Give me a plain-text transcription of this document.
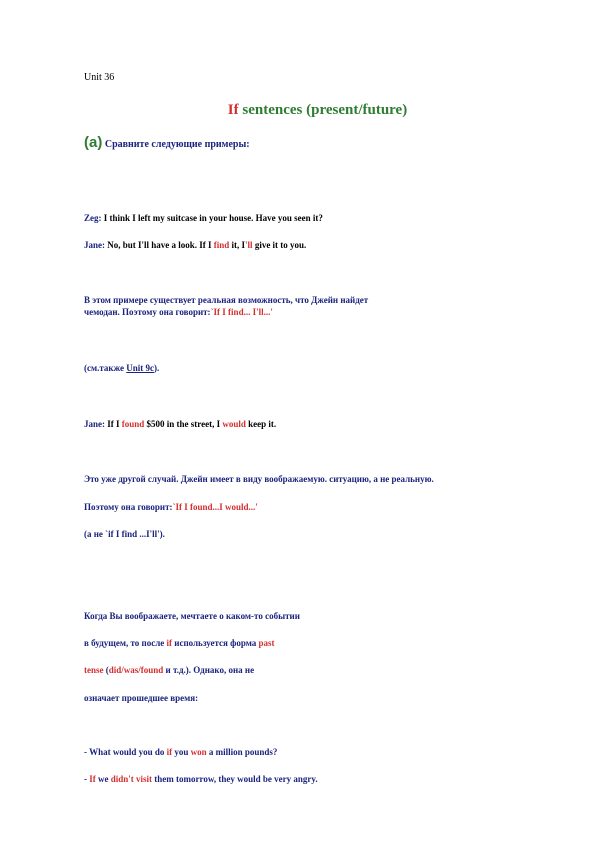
Unit 36
If sentences (present/future)
(a) Сравните следующие примеры:
Zeg: I think I left my suitcase in your house. Have you seen it?
Jane: No, but I'll have a look. If I find it, I'll give it to you.
В этом примере существует реальная возможность, что Джейн найдет
чемодан. Поэтому она говорит:`If I find... I'll...'
(см.также Unit 9c).
Jane: If I found $500 in the street, I would keep it.
Это уже другой случай. Джейн имеет в виду воображаемую. ситуацию, а не реальную.
Поэтому она говорит:`If I found...I would...'
(а не `if I find ...I'll').
Когда Вы воображаете, мечтаете о каком-то событии
в будущем, то после if используется форма past
tense (did/was/found и т.д.). Однако, она не
означает прошедшее время:
- What would you do if you won a million pounds?
- If we didn't visit them tomorrow, they would be very angry.
